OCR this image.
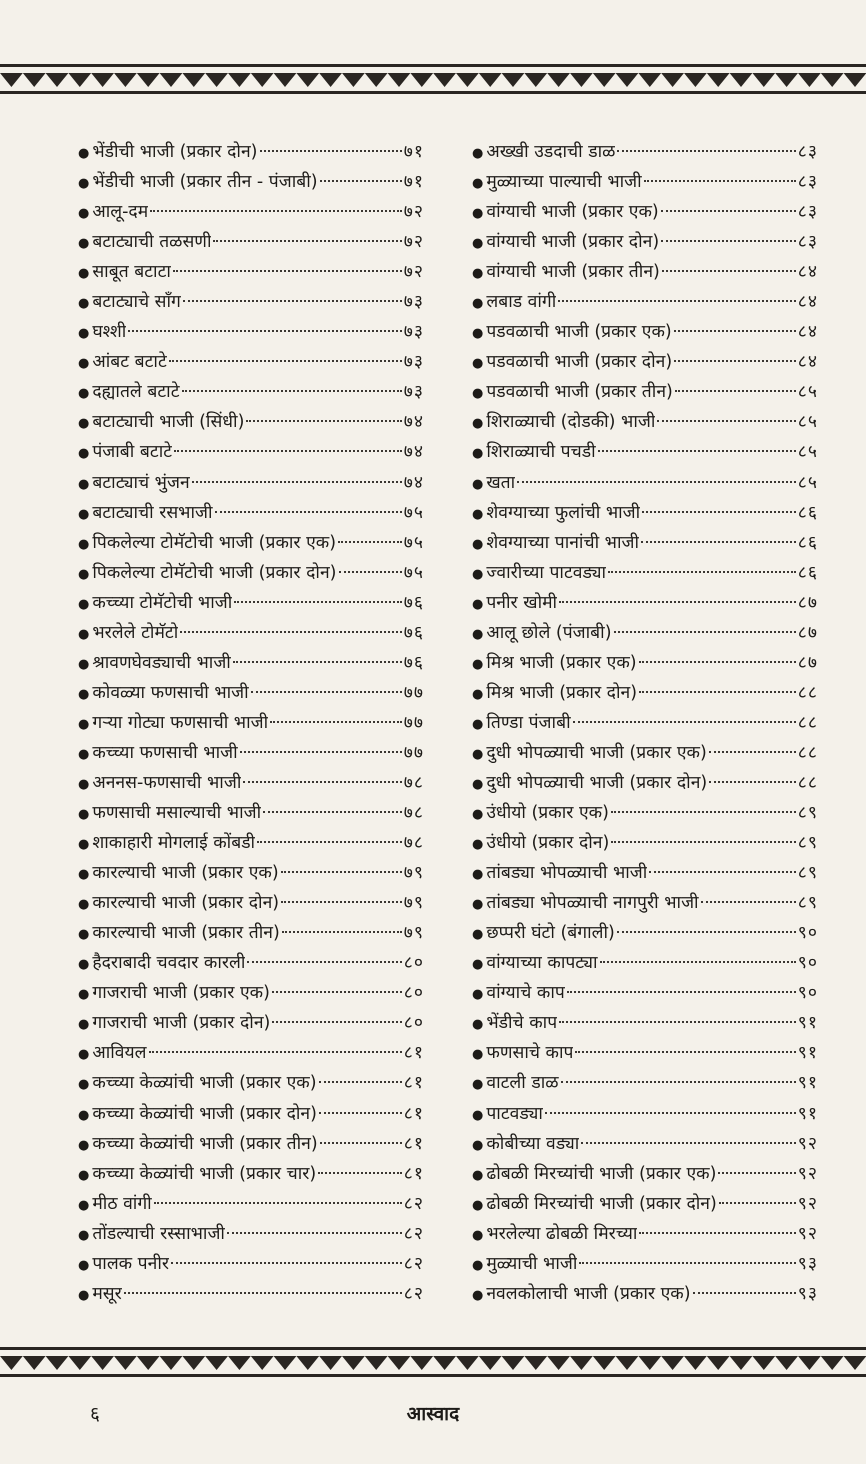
● भेंडीची भाजी (प्रकार दोन)	७१
● भेंडीची भाजी (प्रकार तीन - पंजाबी)	७१
● आलू-दम	७२
● बटाट्याची तळसणी	७२
● साबूत बटाटा	७२
● बटाट्याचे सॉंग	७३
● घश्शी	७३
● आंबट बटाटे	७३
● दह्यातले बटाटे	७३
● बटाट्याची भाजी (सिंधी)	७४
● पंजाबी बटाटे	७४
● बटाट्याचं भुंजन	७४
● बटाट्याची रसभाजी	७५
● पिकलेल्या टोमॅटोची भाजी (प्रकार एक)	७५
● पिकलेल्या टोमॅटोची भाजी (प्रकार दोन)	७५
● कच्च्या टोमॅटोची भाजी	७६
● भरलेले टोमॅटो	७६
● श्रावणघेवड्याची भाजी	७६
● कोवळ्या फणसाची भाजी	७७
● गऱ्या गोट्या फणसाची भाजी	७७
● कच्च्या फणसाची भाजी	७७
● अननस-फणसाची भाजी	७८
● फणसाची मसाल्याची भाजी	७८
● शाकाहारी मोगलाई कोंबडी	७८
● कारल्याची भाजी (प्रकार एक)	७९
● कारल्याची भाजी (प्रकार दोन)	७९
● कारल्याची भाजी (प्रकार तीन)	७९
● हैदराबादी चवदार कारली	८०
● गाजराची भाजी (प्रकार एक)	८०
● गाजराची भाजी (प्रकार दोन)	८०
● आवियल	८१
● कच्च्या केळ्यांची भाजी (प्रकार एक)	८१
● कच्च्या केळ्यांची भाजी (प्रकार दोन)	८१
● कच्च्या केळ्यांची भाजी (प्रकार तीन)	८१
● कच्च्या केळ्यांची भाजी (प्रकार चार)	८१
● मीठ वांगी	८२
● तोंडल्याची रस्साभाजी	८२
● पालक पनीर	८२
● मसूर	८२
● अख्खी उडदाची डाळ	८३
● मुळ्याच्या पाल्याची भाजी	८३
● वांग्याची भाजी (प्रकार एक)	८३
● वांग्याची भाजी (प्रकार दोन)	८३
● वांग्याची भाजी (प्रकार तीन)	८४
● लबाड वांगी	८४
● पडवळाची भाजी (प्रकार एक)	८४
● पडवळाची भाजी (प्रकार दोन)	८४
● पडवळाची भाजी (प्रकार तीन)	८५
● शिराळ्याची (दोडकी) भाजी	८५
● शिराळ्याची पचडी	८५
● खता	८५
● शेवग्याच्या फुलांची भाजी	८६
● शेवग्याच्या पानांची भाजी	८६
● ज्वारीच्या पाटवड्या	८६
● पनीर खोमी	८७
● आलू छोले (पंजाबी)	८७
● मिश्र भाजी (प्रकार एक)	८७
● मिश्र भाजी (प्रकार दोन)	८८
● तिण्डा पंजाबी	८८
● दुधी भोपळ्याची भाजी (प्रकार एक)	८८
● दुधी भोपळ्याची भाजी (प्रकार दोन)	८८
● उंधीयो (प्रकार एक)	८९
● उंधीयो (प्रकार दोन)	८९
● तांबड्या भोपळ्याची भाजी	८९
● तांबड्या भोपळ्याची नागपुरी भाजी	८९
● छप्परी घंटो (बंगाली)	९०
● वांग्याच्या कापट्या	९०
● वांग्याचे काप	९०
● भेंडीचे काप	९१
● फणसाचे काप	९१
● वाटली डाळ	९१
● पाटवड्या	९१
● कोबीच्या वड्या	९२
● ढोबळी मिरच्यांची भाजी (प्रकार एक)	९२
● ढोबळी मिरच्यांची भाजी (प्रकार दोन)	९२
● भरलेल्या ढोबळी मिरच्या	९२
● मुळ्याची भाजी	९३
● नवलकोलाची भाजी (प्रकार एक)	९३
६	आस्वाद
